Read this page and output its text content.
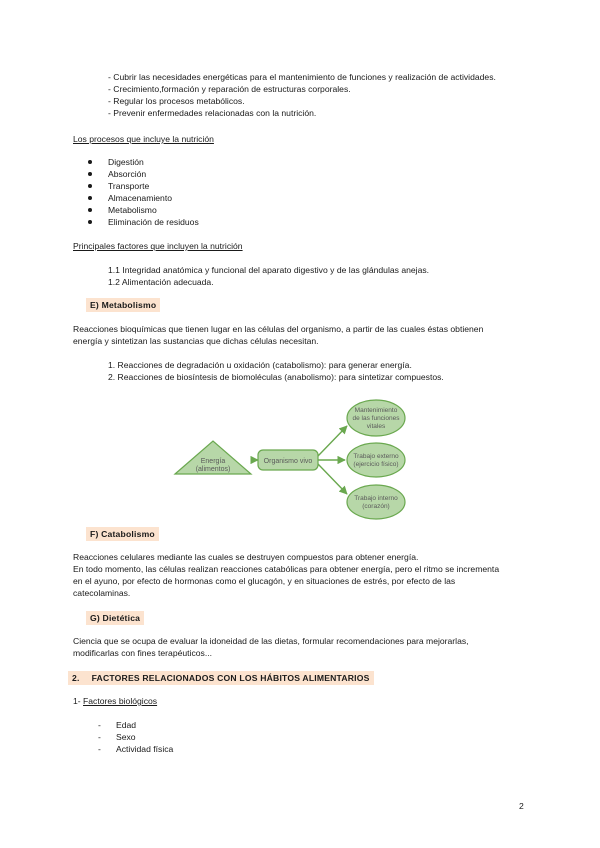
- Cubrir las necesidades energéticas para el mantenimiento de funciones y realización de actividades.
- Crecimiento,formación y reparación de estructuras corporales.
- Regular los procesos metabólicos.
- Prevenir enfermedades relacionadas con la nutrición.
Los procesos que incluye la nutrición
Digestión
Absorción
Transporte
Almacenamiento
Metabolismo
Eliminación de residuos
Principales factores que incluyen la nutrición
1.1 Integridad anatómica y funcional del aparato digestivo y de las glándulas anejas.
1.2 Alimentación adecuada.
E) Metabolismo
Reacciones bioquímicas que tienen lugar en las células del organismo, a partir de las cuales éstas obtienen
energía y sintetizan las sustancias que dichas células necesitan.
1. Reacciones de degradación u oxidación (catabolismo): para generar energía.
2. Reacciones de biosíntesis de biomoléculas (anabolismo): para sintetizar compuestos.
Energía
(alimentos)
Organismo vivo
Mantenimiento
de las funciones
vitales
Trabajo externo
(ejercicio físico)
Trabajo interno
(corazón)
F) Catabolismo
Reacciones celulares mediante las cuales se destruyen compuestos para obtener energía.
En todo momento, las células realizan reacciones catabólicas para obtener energía, pero el ritmo se incrementa
en el ayuno, por efecto de hormonas como el glucagón, y en situaciones de estrés, por efecto de las
catecolaminas.
G) Dietética
Ciencia que se ocupa de evaluar la idoneidad de las dietas, formular recomendaciones para mejorarlas,
modificarlas con fines terapéuticos...
2. FACTORES RELACIONADOS CON LOS HÁBITOS ALIMENTARIOS
1- Factores biológicos
- Edad
- Sexo
- Actividad física
2
